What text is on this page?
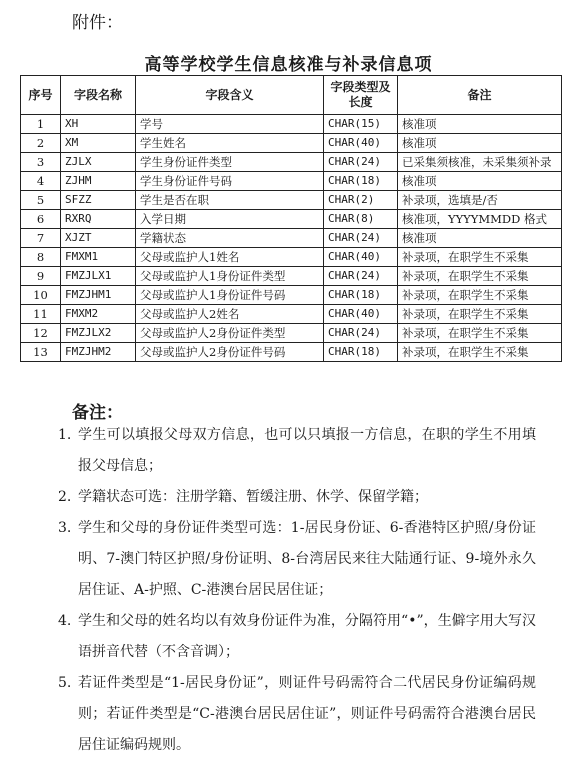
附件：
高等学校学生信息核准与补录信息项
序号	字段名称	字段含义	字段类型及长度	备注
1	XH	学号	CHAR(15)	核准项
2	XM	学生姓名	CHAR(40)	核准项
3	ZJLX	学生身份证件类型	CHAR(24)	已采集须核准，未采集须补录
4	ZJHM	学生身份证件号码	CHAR(18)	核准项
5	SFZZ	学生是否在职	CHAR(2)	补录项，选填是/否
6	RXRQ	入学日期	CHAR(8)	核准项，YYYYMMDD 格式
7	XJZT	学籍状态	CHAR(24)	核准项
8	FMXM1	父母或监护人1姓名	CHAR(40)	补录项，在职学生不采集
9	FMZJLX1	父母或监护人1身份证件类型	CHAR(24)	补录项，在职学生不采集
10	FMZJHM1	父母或监护人1身份证件号码	CHAR(18)	补录项，在职学生不采集
11	FMXM2	父母或监护人2姓名	CHAR(40)	补录项，在职学生不采集
12	FMZJLX2	父母或监护人2身份证件类型	CHAR(24)	补录项，在职学生不采集
13	FMZJHM2	父母或监护人2身份证件号码	CHAR(18)	补录项，在职学生不采集
备注：
1. 学生可以填报父母双方信息，也可以只填报一方信息，在职的学生不用填报父母信息；
2. 学籍状态可选：注册学籍、暂缓注册、休学、保留学籍；
3. 学生和父母的身份证件类型可选：1-居民身份证、6-香港特区护照/身份证明、7-澳门特区护照/身份证明、8-台湾居民来往大陆通行证、9-境外永久居住证、A-护照、C-港澳台居民居住证；
4. 学生和父母的姓名均以有效身份证件为准，分隔符用“•”，生僻字用大写汉语拼音代替（不含音调）；
5. 若证件类型是“1-居民身份证”，则证件号码需符合二代居民身份证编码规则；若证件类型是“C-港澳台居民居住证”，则证件号码需符合港澳台居民居住证编码规则。
